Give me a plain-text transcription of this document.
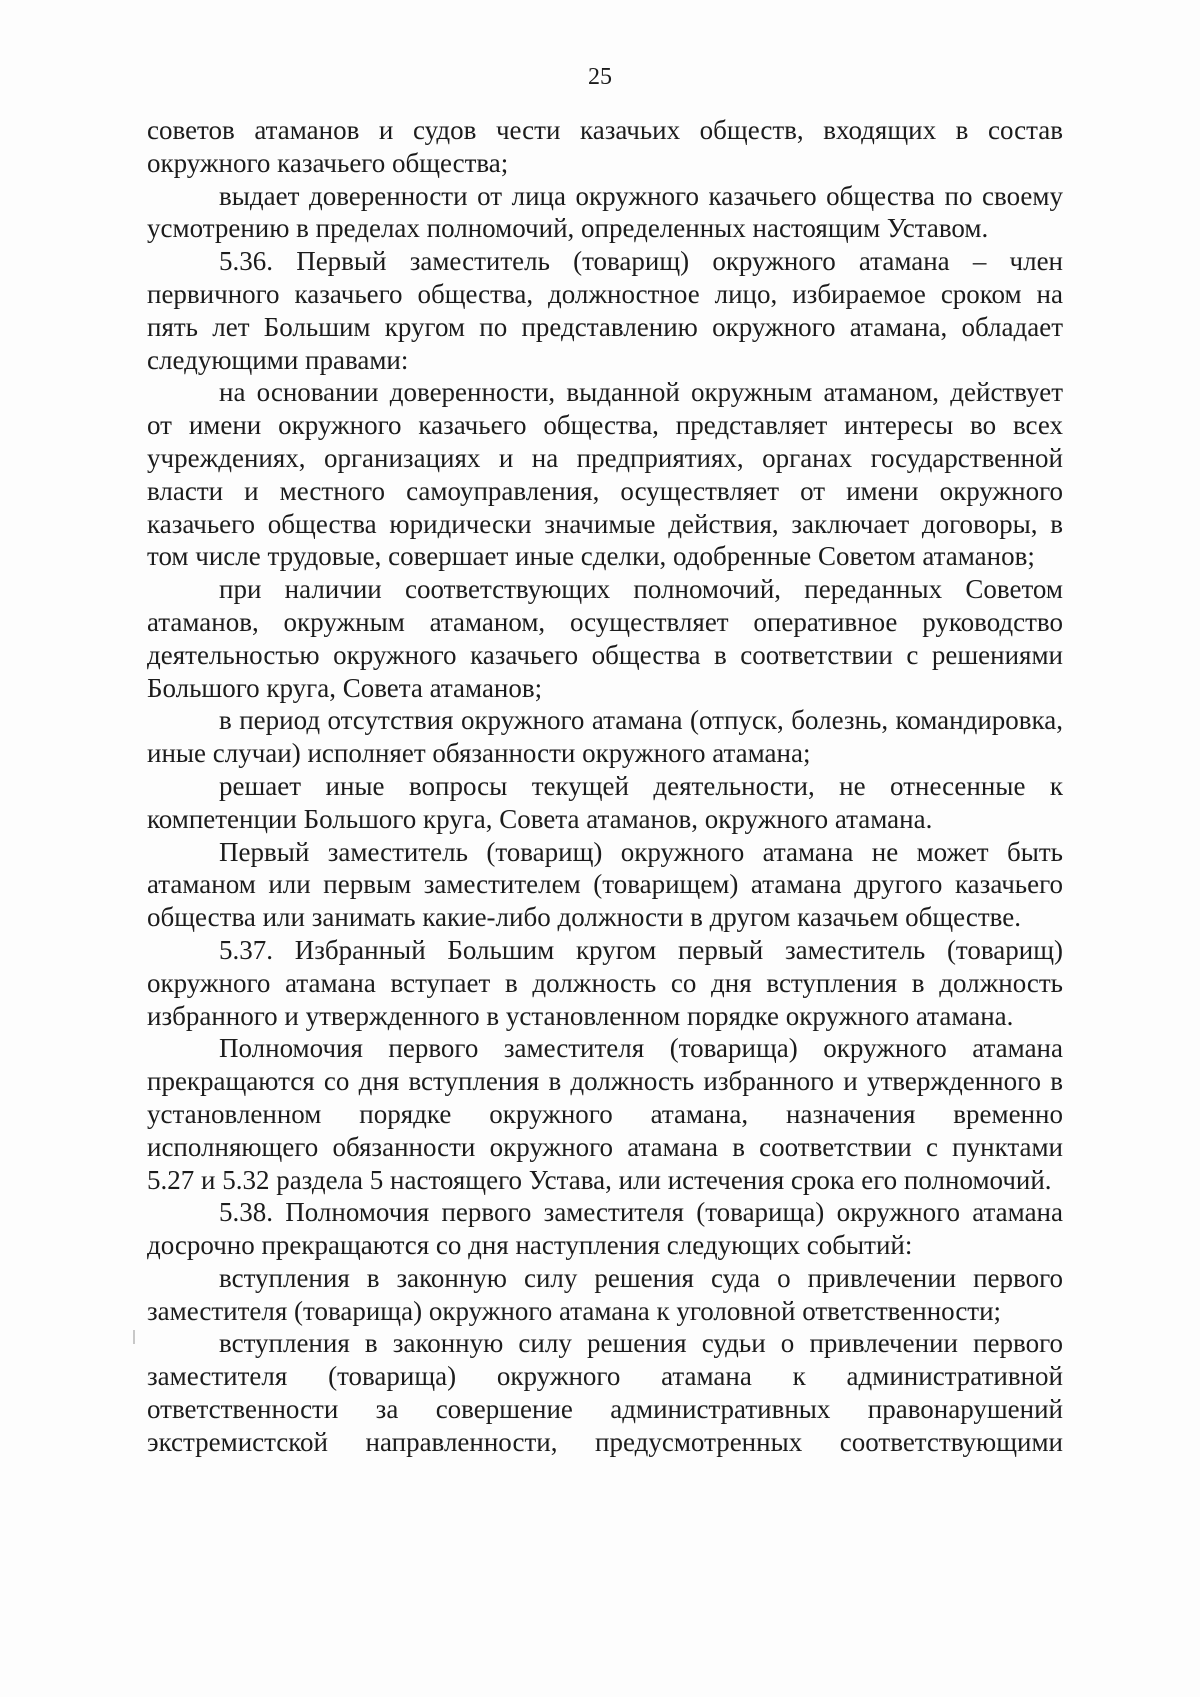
25

советов атаманов и судов чести казачьих обществ, входящих в состав окружного казачьего общества;

выдает доверенности от лица окружного казачьего общества по своему усмотрению в пределах полномочий, определенных настоящим Уставом.

5.36. Первый заместитель (товарищ) окружного атамана – член первичного казачьего общества, должностное лицо, избираемое сроком на пять лет Большим кругом по представлению окружного атамана, обладает следующими правами:

на основании доверенности, выданной окружным атаманом, действует от имени окружного казачьего общества, представляет интересы во всех учреждениях, организациях и на предприятиях, органах государственной власти и местного самоуправления, осуществляет от имени окружного казачьего общества юридически значимые действия, заключает договоры, в том числе трудовые, совершает иные сделки, одобренные Советом атаманов;

при наличии соответствующих полномочий, переданных Советом атаманов, окружным атаманом, осуществляет оперативное руководство деятельностью окружного казачьего общества в соответствии с решениями Большого круга, Совета атаманов;

в период отсутствия окружного атамана (отпуск, болезнь, командировка, иные случаи) исполняет обязанности окружного атамана;

решает иные вопросы текущей деятельности, не отнесенные к компетенции Большого круга, Совета атаманов, окружного атамана.

Первый заместитель (товарищ) окружного атамана не может быть атаманом или первым заместителем (товарищем) атамана другого казачьего общества или занимать какие-либо должности в другом казачьем обществе.

5.37. Избранный Большим кругом первый заместитель (товарищ) окружного атамана вступает в должность со дня вступления в должность избранного и утвержденного в установленном порядке окружного атамана.

Полномочия первого заместителя (товарища) окружного атамана прекращаются со дня вступления в должность избранного и утвержденного в установленном порядке окружного атамана, назначения временно исполняющего обязанности окружного атамана в соответствии с пунктами 5.27 и 5.32 раздела 5 настоящего Устава, или истечения срока его полномочий.

5.38. Полномочия первого заместителя (товарища) окружного атамана досрочно прекращаются со дня наступления следующих событий:

вступления в законную силу решения суда о привлечении первого заместителя (товарища) окружного атамана к уголовной ответственности;

вступления в законную силу решения судьи о привлечении первого заместителя (товарища) окружного атамана к административной ответственности за совершение административных правонарушений экстремистской направленности, предусмотренных соответствующими
